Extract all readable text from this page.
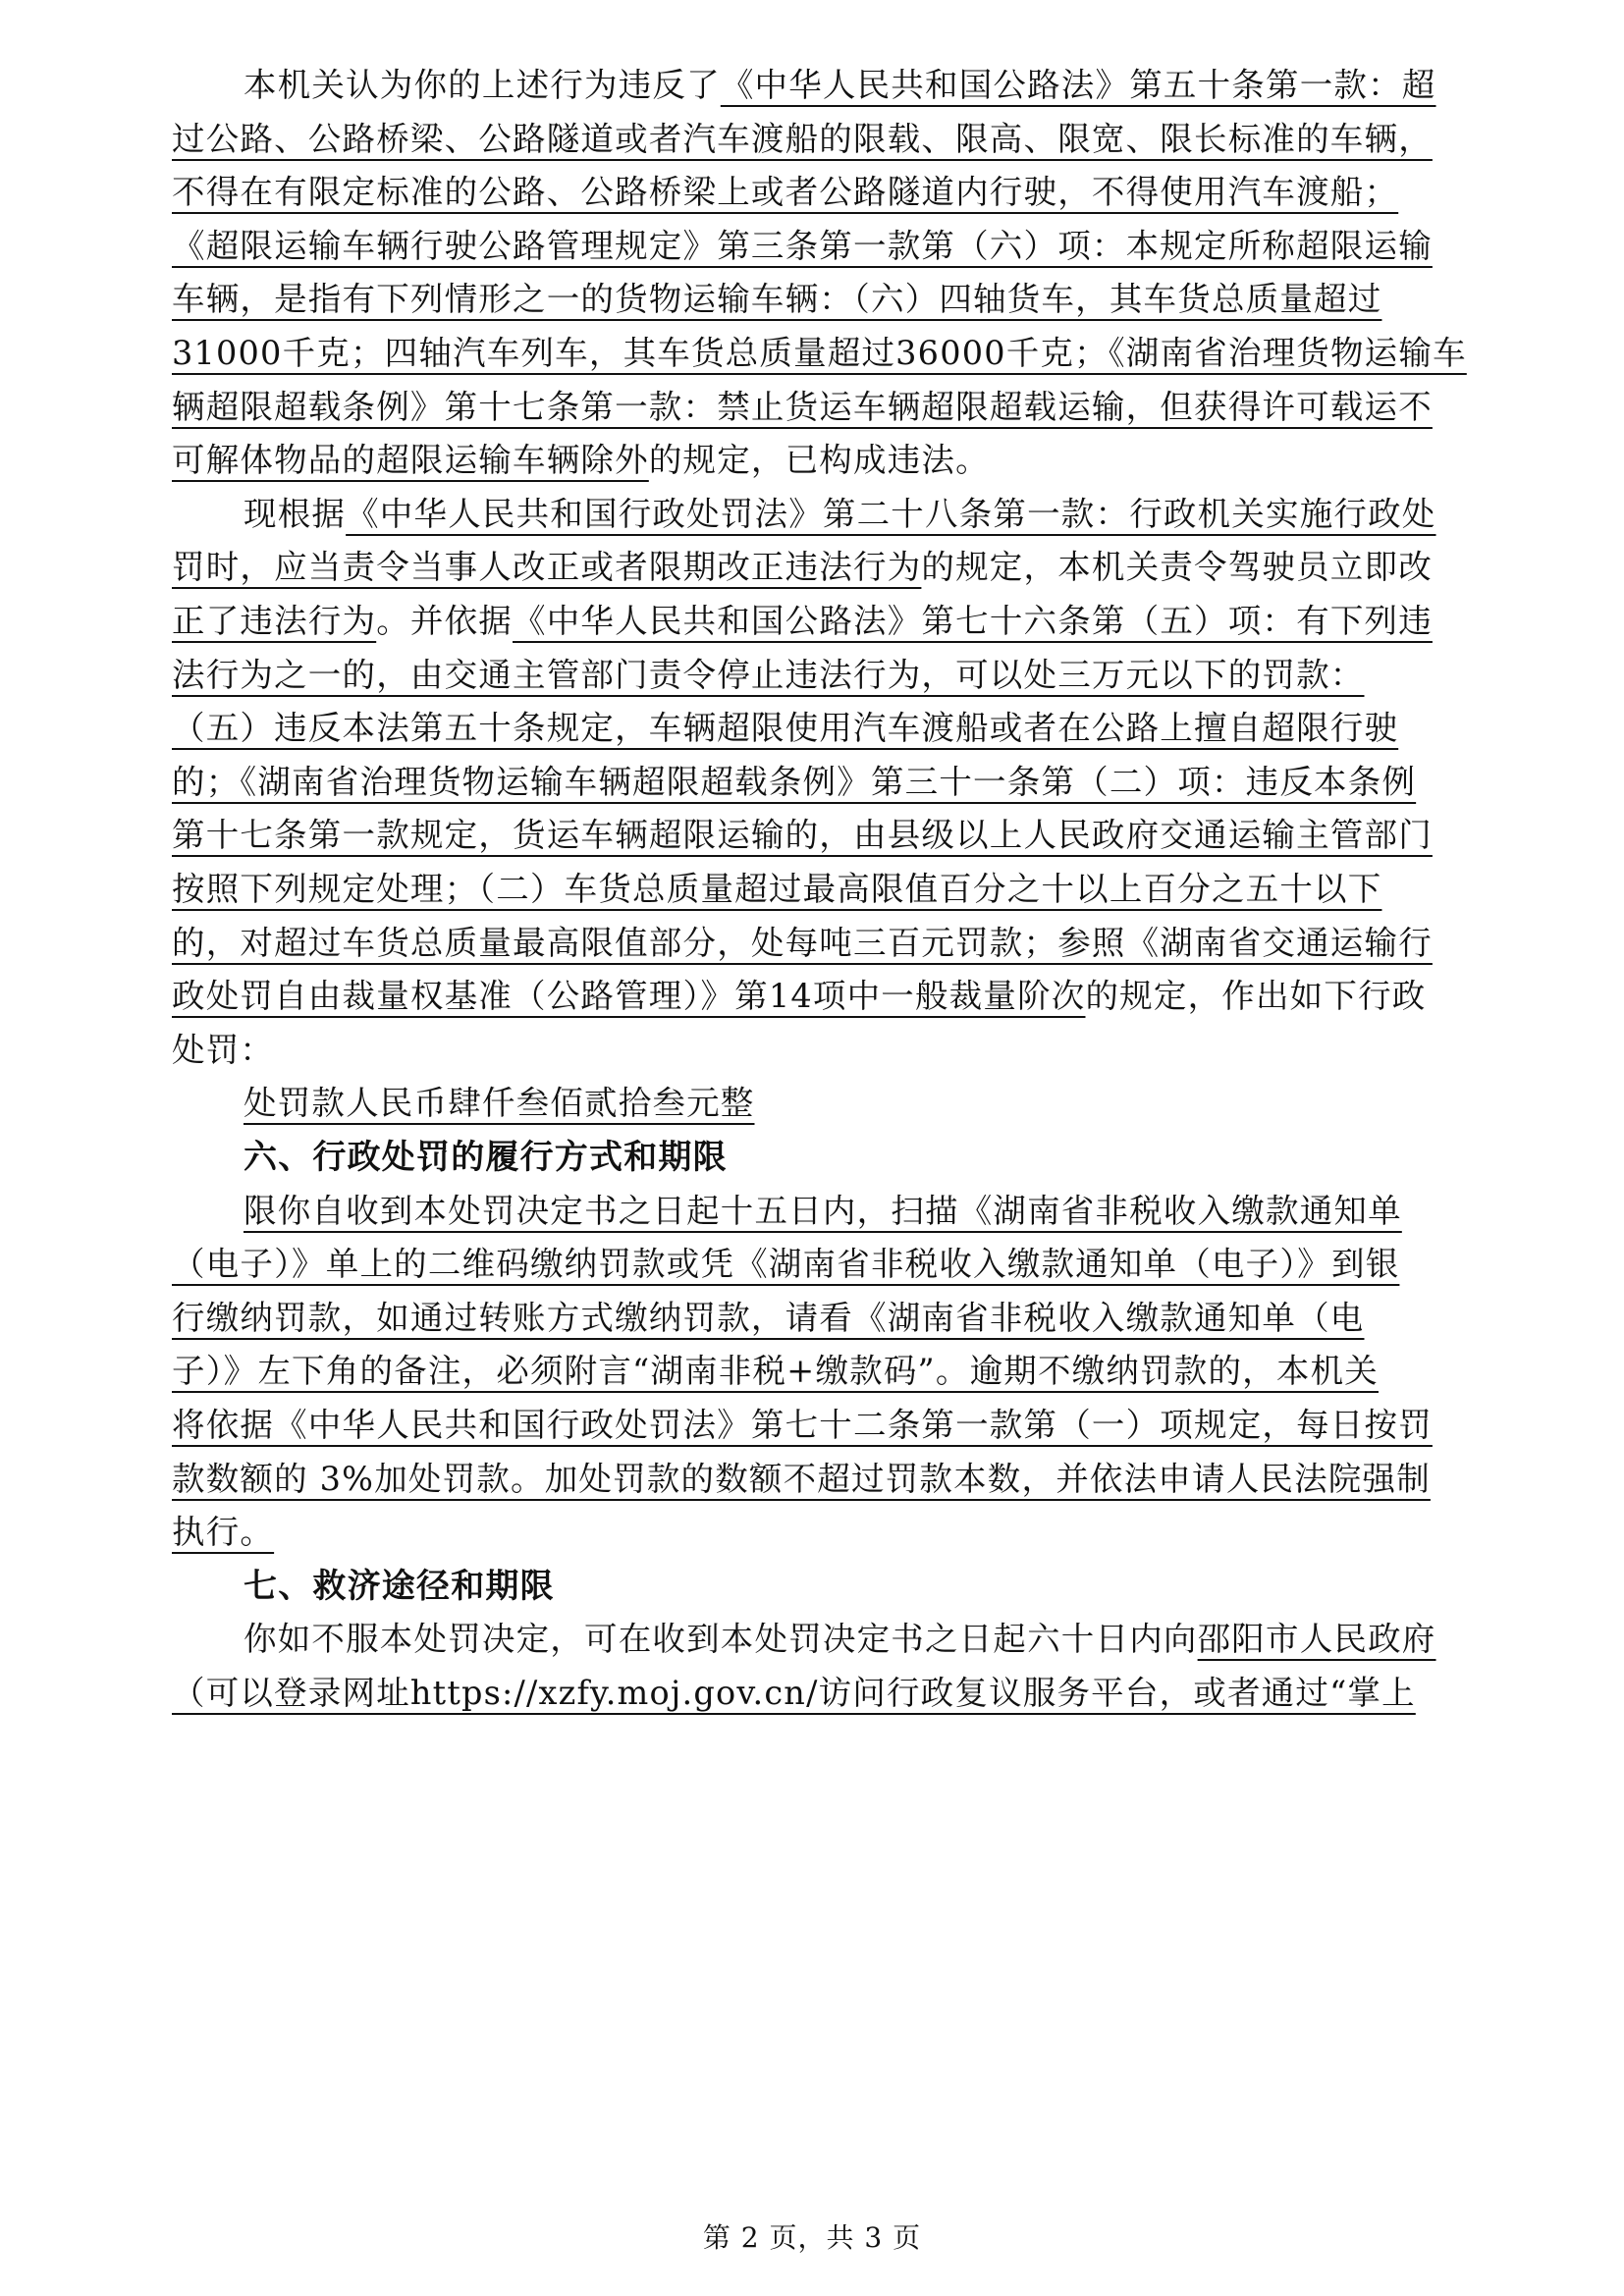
本机关认为你的上述行为违反了《中华人民共和国公路法》第五十条第一款：超
过公路、公路桥梁、公路隧道或者汽车渡船的限载、限高、限宽、限长标准的车辆，
不得在有限定标准的公路、公路桥梁上或者公路隧道内行驶，不得使用汽车渡船；
《超限运输车辆行驶公路管理规定》第三条第一款第（六）项：本规定所称超限运输
车辆，是指有下列情形之一的货物运输车辆：（六）四轴货车，其车货总质量超过
31000千克；四轴汽车列车，其车货总质量超过36000千克；《湖南省治理货物运输车
辆超限超载条例》第十七条第一款：禁止货运车辆超限超载运输，但获得许可载运不
可解体物品的超限运输车辆除外的规定，已构成违法。
现根据《中华人民共和国行政处罚法》第二十八条第一款：行政机关实施行政处
罚时，应当责令当事人改正或者限期改正违法行为的规定，本机关责令驾驶员立即改
正了违法行为。并依据《中华人民共和国公路法》第七十六条第（五）项：有下列违
法行为之一的，由交通主管部门责令停止违法行为，可以处三万元以下的罚款：
（五）违反本法第五十条规定，车辆超限使用汽车渡船或者在公路上擅自超限行驶
的；《湖南省治理货物运输车辆超限超载条例》第三十一条第（二）项：违反本条例
第十七条第一款规定，货运车辆超限运输的，由县级以上人民政府交通运输主管部门
按照下列规定处理；（二）车货总质量超过最高限值百分之十以上百分之五十以下
的，对超过车货总质量最高限值部分，处每吨三百元罚款；参照《湖南省交通运输行
政处罚自由裁量权基准（公路管理）》第14项中一般裁量阶次的规定，作出如下行政
处罚：
处罚款人民币肆仟叁佰贰拾叁元整
六、行政处罚的履行方式和期限
限你自收到本处罚决定书之日起十五日内，扫描《湖南省非税收入缴款通知单
（电子）》单上的二维码缴纳罚款或凭《湖南省非税收入缴款通知单（电子）》到银
行缴纳罚款，如通过转账方式缴纳罚款，请看《湖南省非税收入缴款通知单（电
子）》左下角的备注，必须附言“湖南非税+缴款码”。逾期不缴纳罚款的，本机关
将依据《中华人民共和国行政处罚法》第七十二条第一款第（一）项规定，每日按罚
款数额的 3%加处罚款。加处罚款的数额不超过罚款本数，并依法申请人民法院强制
执行。
七、救济途径和期限
你如不服本处罚决定，可在收到本处罚决定书之日起六十日内向邵阳市人民政府
（可以登录网址https://xzfy.moj.gov.cn/访问行政复议服务平台，或者通过“掌上
第 2 页，共 3 页
